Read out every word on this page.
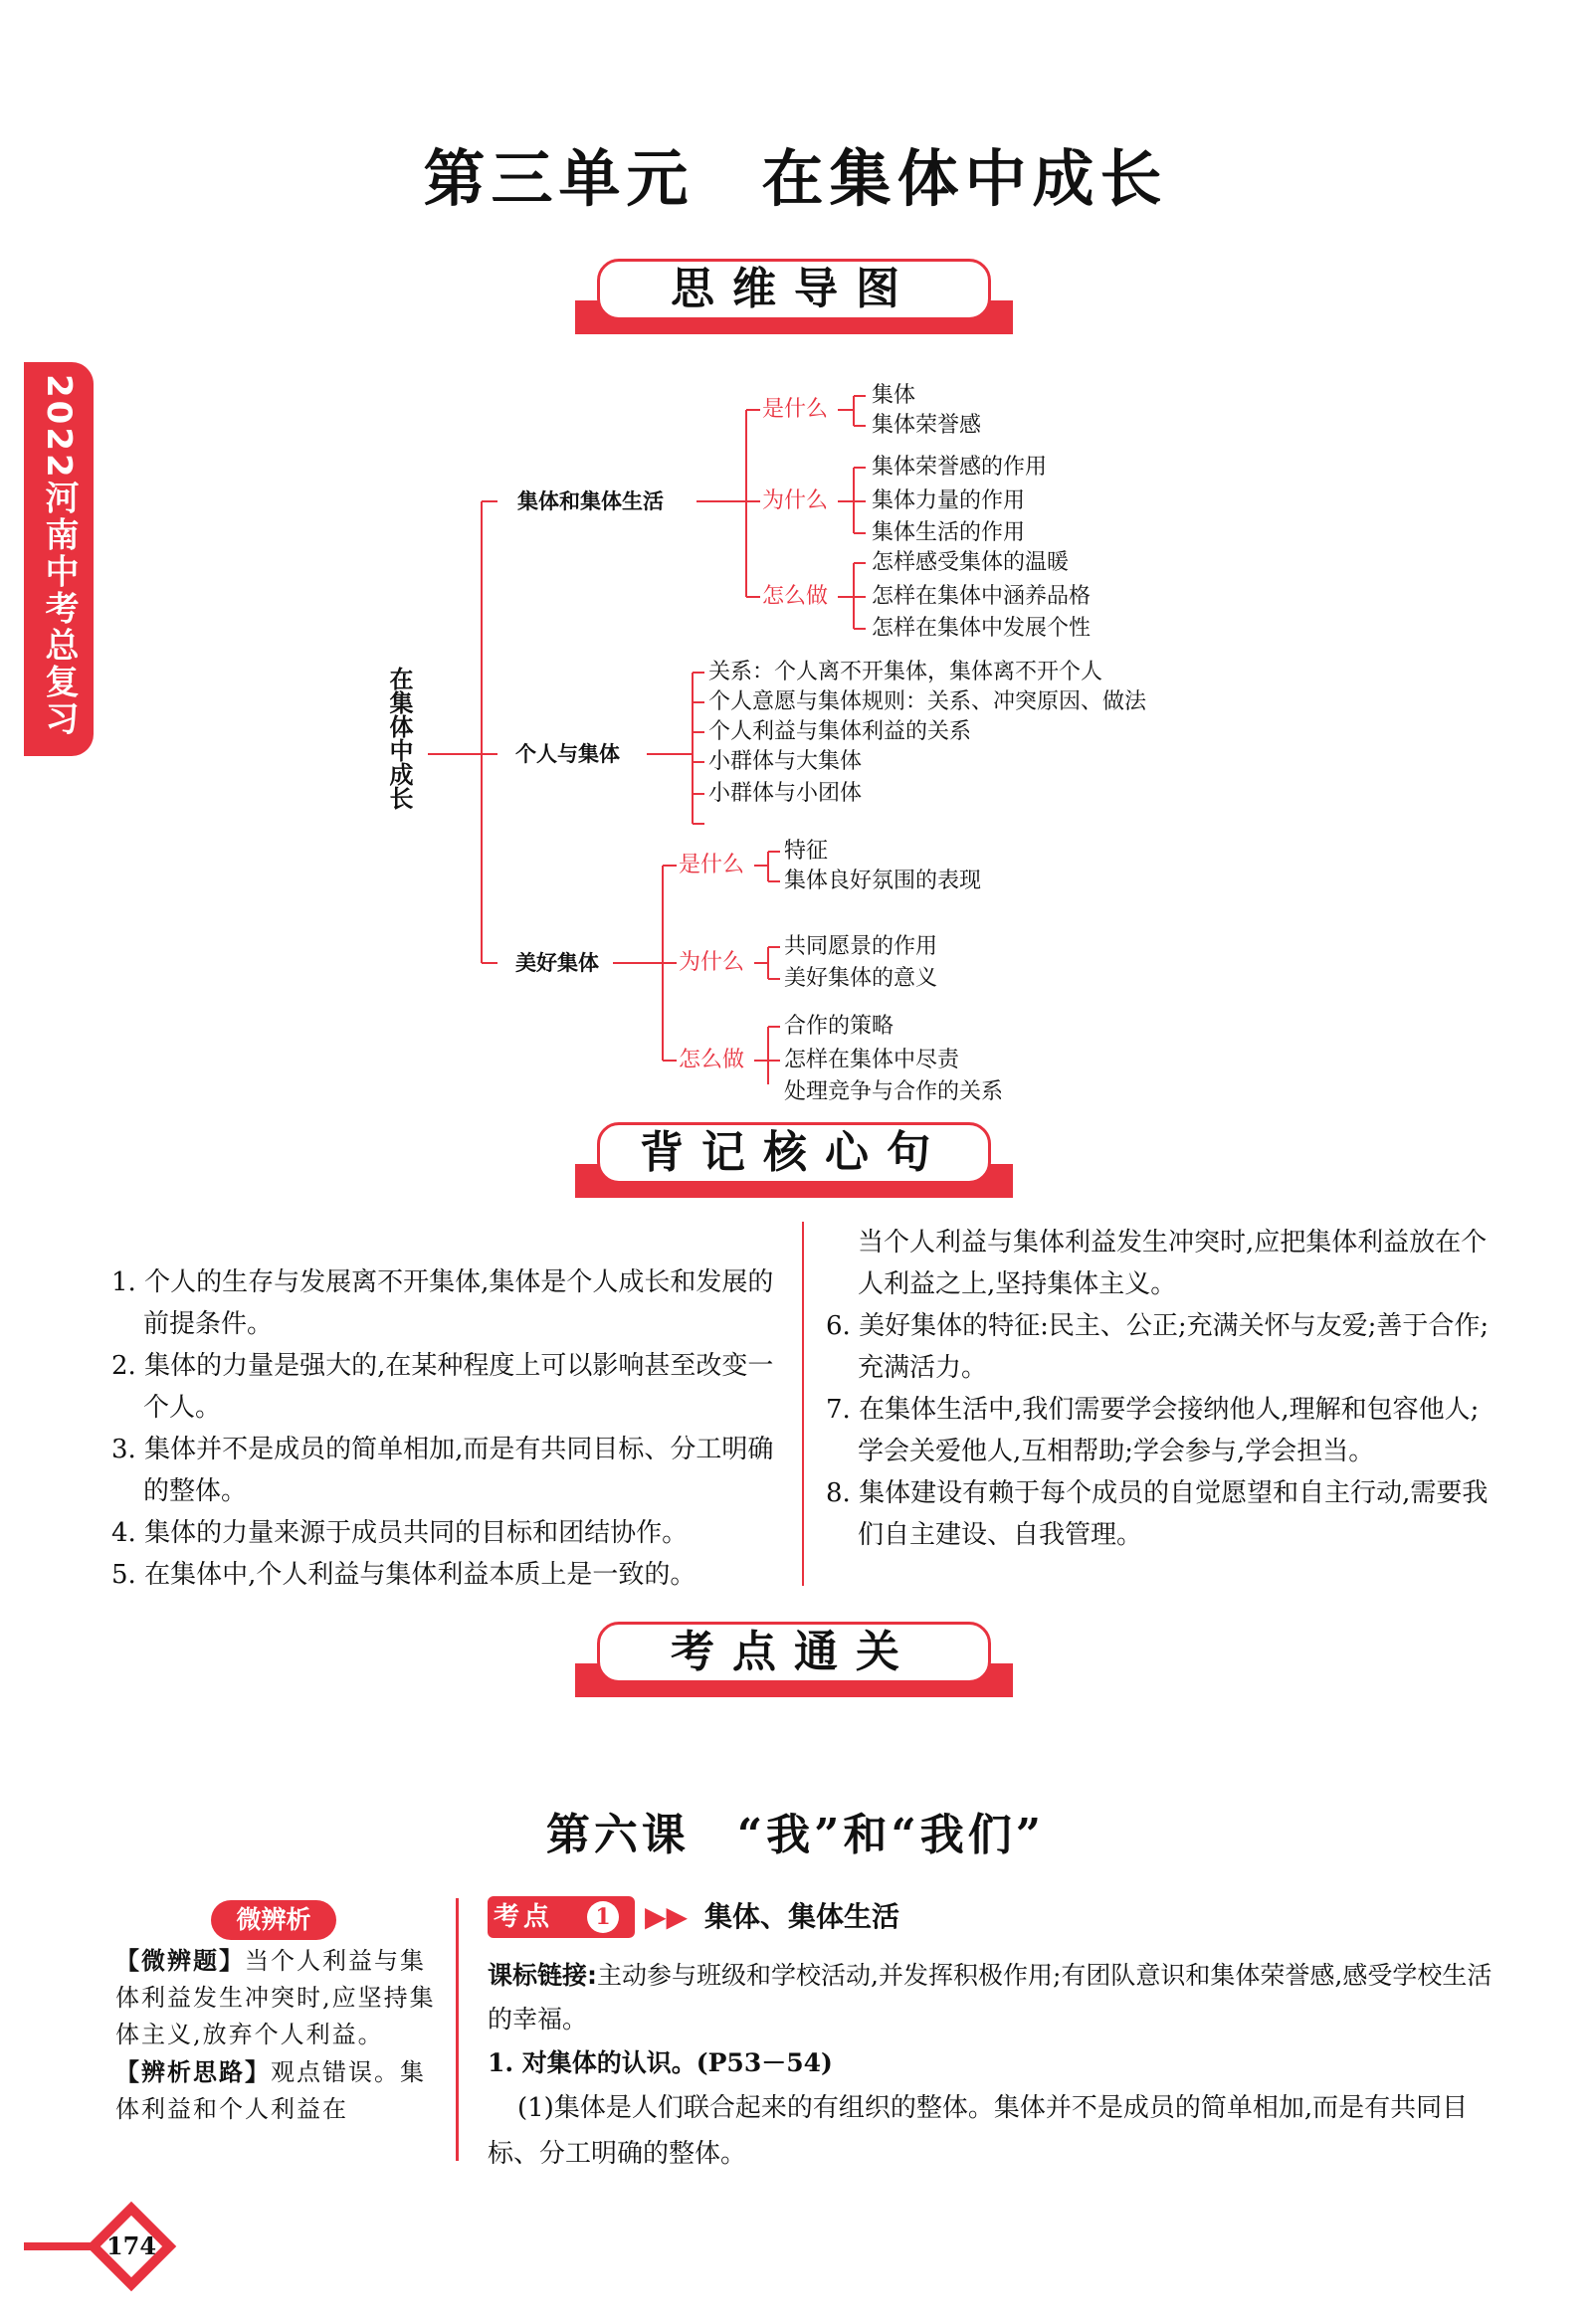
2022河南中考总复习
第三单元　在集体中成长
思维导图
在集体中成长
集体和集体生活
是什么
集体
集体荣誉感
为什么
集体荣誉感的作用
集体力量的作用
集体生活的作用
怎么做
怎样感受集体的温暖
怎样在集体中涵养品格
怎样在集体中发展个性
个人与集体
关系：个人离不开集体，集体离不开个人
个人意愿与集体规则：关系、冲突原因、做法
个人利益与集体利益的关系
小群体与大集体
小群体与小团体
美好集体
是什么
特征
集体良好氛围的表现
为什么
共同愿景的作用
美好集体的意义
怎么做
合作的策略
怎样在集体中尽责
处理竞争与合作的关系
背记核心句

1. 个人的生存与发展离不开集体,集体是个人成长和发展的前提条件。

2. 集体的力量是强大的,在某种程度上可以影响甚至改变一个人。

3. 集体并不是成员的简单相加,而是有共同目标、分工明确的整体。

4. 集体的力量来源于成员共同的目标和团结协作。

5. 在集体中,个人利益与集体利益本质上是一致的。

当个人利益与集体利益发生冲突时,应把集体利益放在个人利益之上,坚持集体主义。

6. 美好集体的特征:民主、公正;充满关怀与友爱;善于合作;充满活力。

7. 在集体生活中,我们需要学会接纳他人,理解和包容他人;学会关爱他人,互相帮助;学会参与,学会担当。

8. 集体建设有赖于每个成员的自觉愿望和自主行动,需要我们自主建设、自我管理。

考点通关
第六课　“我”和“我们”
微辨析

【微辨题】当个人利益与集体利益发生冲突时,应坚持集体主义,放弃个人利益。

【辨析思路】观点错误。集体利益和个人利益在

考点	1 ▶▶ 集体、集体生活
课标链接:主动参与班级和学校活动,并发挥积极作用;有团队意识和集体荣誉感,感受学校生活的幸福。
1. 对集体的认识。(P53－54)
(1)集体是人们联合起来的有组织的整体。集体并不是成员的简单相加,而是有共同目标、分工明确的整体。
174
